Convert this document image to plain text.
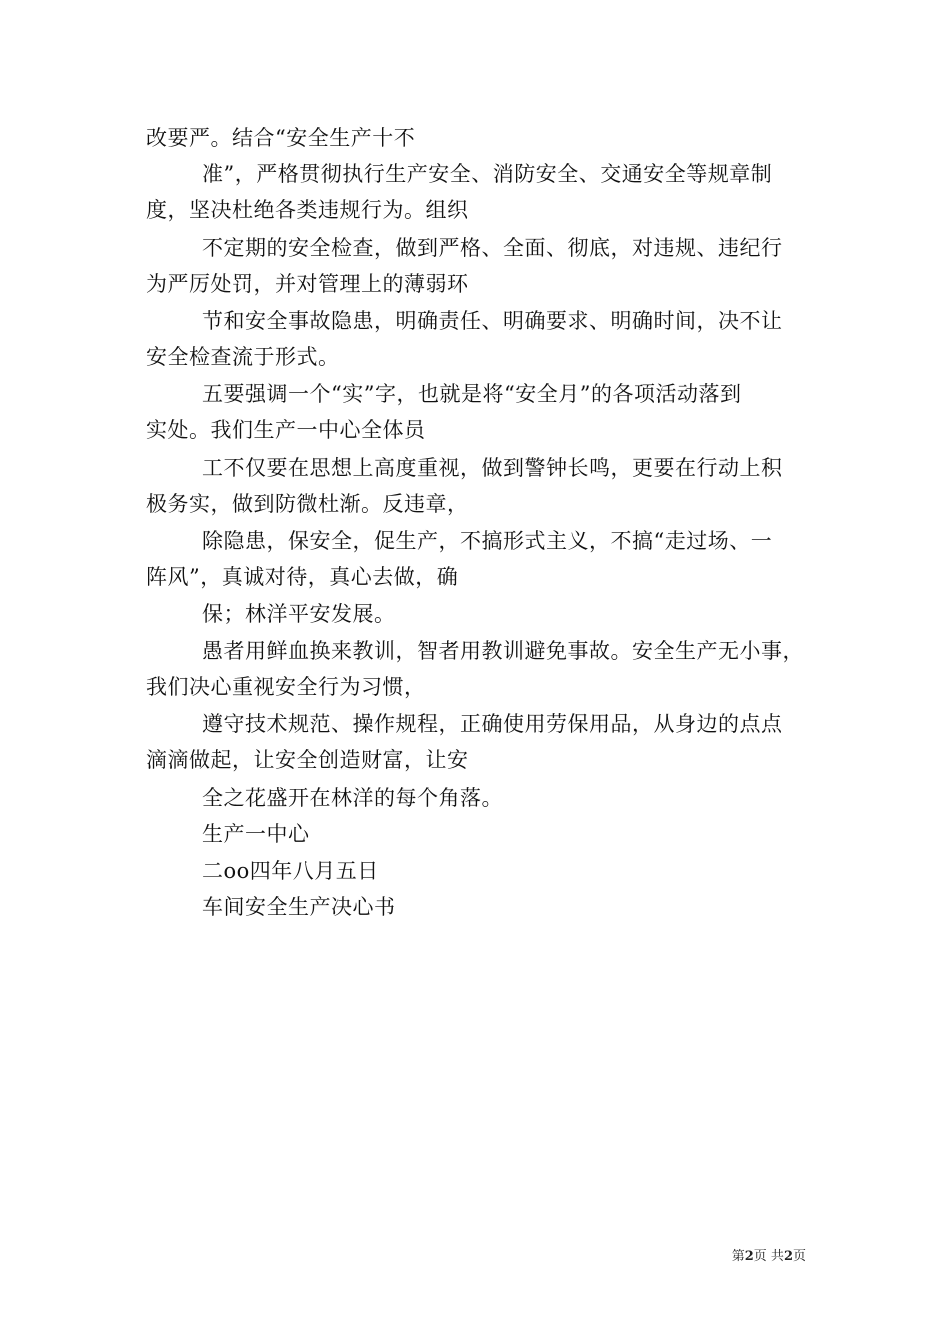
改要严。结合“安全生产十不
准”，严格贯彻执行生产安全、消防安全、交通安全等规章制
度，坚决杜绝各类违规行为。组织
不定期的安全检查，做到严格、全面、彻底，对违规、违纪行
为严厉处罚，并对管理上的薄弱环
节和安全事故隐患，明确责任、明确要求、明确时间，决不让
安全检查流于形式。
五要强调一个“实”字，也就是将“安全月”的各项活动落到
实处。我们生产一中心全体员
工不仅要在思想上高度重视，做到警钟长鸣，更要在行动上积
极务实，做到防微杜渐。反违章，
除隐患，保安全，促生产，不搞形式主义，不搞“走过场、一
阵风”，真诚对待，真心去做，确
保；林洋平安发展。
愚者用鲜血换来教训，智者用教训避免事故。安全生产无小事，
我们决心重视安全行为习惯，
遵守技术规范、操作规程，正确使用劳保用品，从身边的点点
滴滴做起，让安全创造财富，让安
全之花盛开在林洋的每个角落。
生产一中心
二oo四年八月五日
车间安全生产决心书
第2页 共2页
